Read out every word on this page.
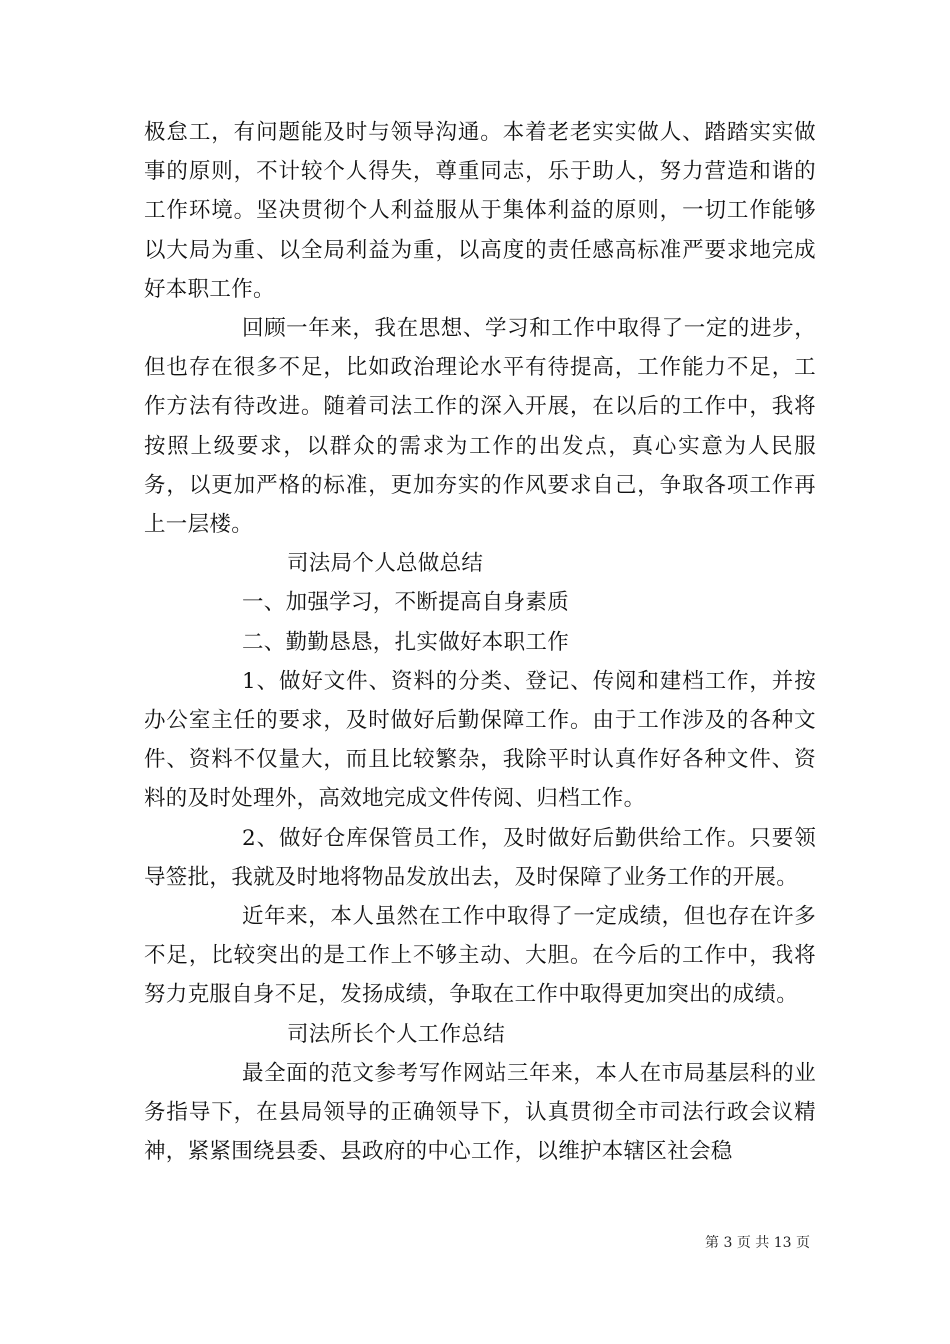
极怠工，有问题能及时与领导沟通。本着老老实实做人、踏踏实实做事的原则，不计较个人得失，尊重同志，乐于助人，努力营造和谐的工作环境。坚决贯彻个人利益服从于集体利益的原则，一切工作能够以大局为重、以全局利益为重，以高度的责任感高标准严要求地完成好本职工作。

回顾一年来，我在思想、学习和工作中取得了一定的进步，但也存在很多不足，比如政治理论水平有待提高，工作能力不足，工作方法有待改进。随着司法工作的深入开展，在以后的工作中，我将按照上级要求，以群众的需求为工作的出发点，真心实意为人民服务，以更加严格的标准，更加夯实的作风要求自己，争取各项工作再上一层楼。

司法局个人总做总结

一、加强学习，不断提高自身素质

二、勤勤恳恳，扎实做好本职工作

1、做好文件、资料的分类、登记、传阅和建档工作，并按办公室主任的要求，及时做好后勤保障工作。由于工作涉及的各种文件、资料不仅量大，而且比较繁杂，我除平时认真作好各种文件、资料的及时处理外，高效地完成文件传阅、归档工作。

2、做好仓库保管员工作，及时做好后勤供给工作。只要领导签批，我就及时地将物品发放出去，及时保障了业务工作的开展。

近年来，本人虽然在工作中取得了一定成绩，但也存在许多不足，比较突出的是工作上不够主动、大胆。在今后的工作中，我将努力克服自身不足，发扬成绩，争取在工作中取得更加突出的成绩。

司法所长个人工作总结

最全面的范文参考写作网站三年来，本人在市局基层科的业务指导下，在县局领导的正确领导下，认真贯彻全市司法行政会议精神，紧紧围绕县委、县政府的中心工作，以维护本辖区社会稳

第 3 页 共 13 页
